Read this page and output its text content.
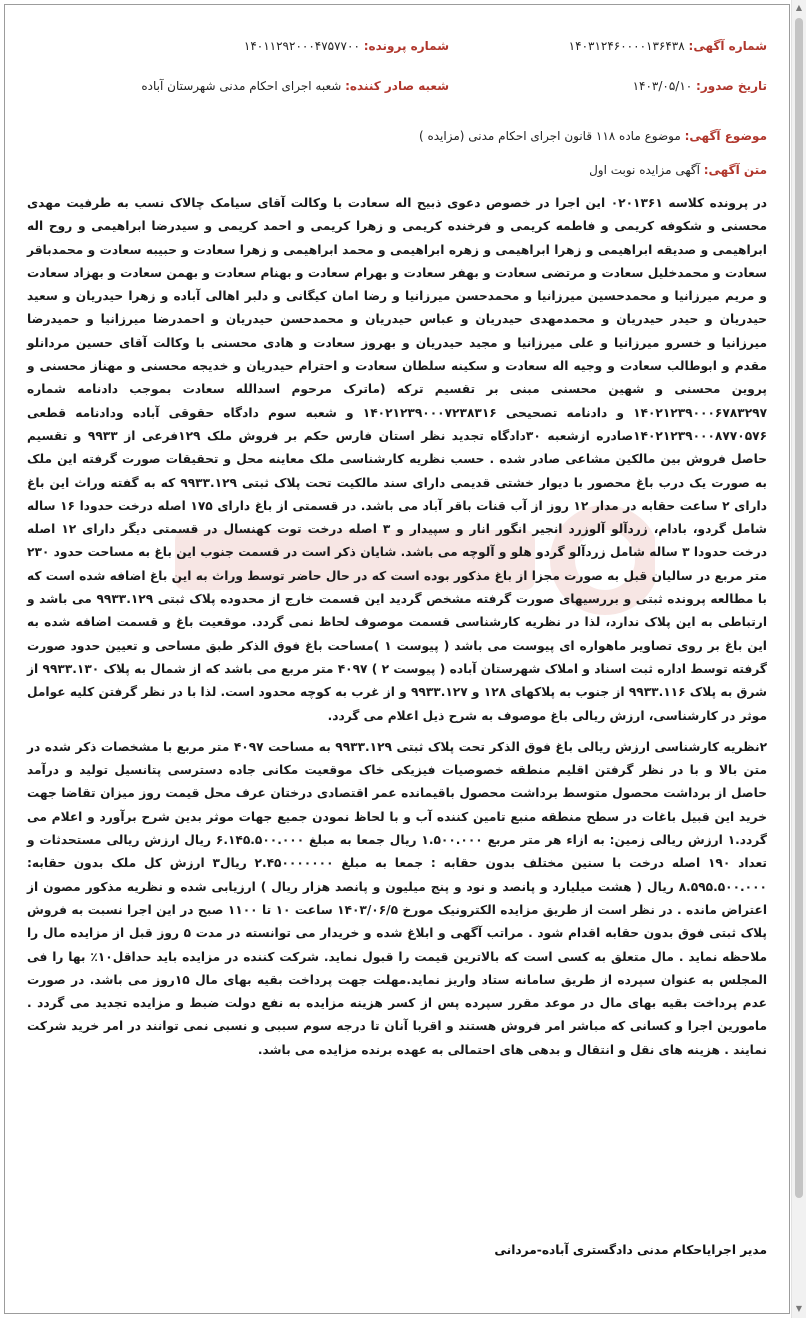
شماره آگهی: ۱۴۰۳۱۲۴۶۰۰۰۰۱۳۶۴۳۸
شماره پرونده: ۱۴۰۱۱۲۹۲۰۰۰۴۷۵۷۷۰۰
تاریخ صدور: ۱۴۰۳/۰۵/۱۰
شعبه صادر کننده: شعبه اجرای احکام مدنی شهرستان آباده
موضوع آگهی: موضوع ماده ۱۱۸ قانون اجرای احکام مدنی (مزایده )
متن آگهی: آگهی مزایده نوبت اول

در پرونده کلاسه ۰۲۰۱۳۶۱ این اجرا در خصوص دعوی ذبیح اله سعادت با وکالت آقای سیامک چالاک نسب به طرفیت مهدی محسنی و شکوفه کریمی و فاطمه کریمی و فرخنده کریمی و زهرا کریمی و احمد کریمی و سیدرضا ابراهیمی و روح اله ابراهیمی و صدیقه ابراهیمی و زهرا ابراهیمی و زهره ابراهیمی و محمد ابراهیمی و زهرا سعادت و حبیبه سعادت و محمدباقر سعادت و محمدخلیل سعادت و مرتضی سعادت و بهفر سعادت و بهرام سعادت و بهنام سعادت و بهمن سعادت و بهزاد سعادت و مریم میرزانیا و محمدحسین میرزانیا و محمدحسن میرزانیا و رضا امان کیگانی و دلبر اهالی آباده و زهرا حیدریان و سعید حیدریان و حیدر حیدریان و محمدمهدی حیدریان و عباس حیدریان و محمدحسن حیدریان و احمدرضا میرزانیا و حمیدرضا میرزانیا و خسرو میرزانیا و علی میرزانیا و مجید حیدریان و بهروز سعادت و هادی محسنی با وکالت آقای حسین مردانلو مقدم و ابوطالب سعادت و وجیه اله سعادت و سکینه سلطان سعادت و احترام حیدریان و خدیجه محسنی و مهناز محسنی و پروین محسنی و شهین محسنی مبنی بر تقسیم ترکه (ماترک مرحوم اسدالله سعادت بموجب دادنامه شماره ۱۴۰۲۱۲۳۹۰۰۰۶۷۸۳۲۹۷ و دادنامه تصحیحی ۱۴۰۲۱۲۳۹۰۰۰۷۲۳۸۳۱۶ و شعبه سوم دادگاه حقوقی آباده ودادنامه قطعی ۱۴۰۲۱۲۳۹۰۰۰۸۷۷۰۵۷۶صادره ازشعبه ۳۰دادگاه تجدید نظر استان فارس حکم بر فروش ملک ۱۲۹فرعی از ۹۹۳۳ و تقسیم حاصل فروش بین مالکین مشاعی صادر شده . حسب نظریه کارشناسی ملک معاینه محل و تحقیقات صورت گرفته این ملک به صورت یک درب باغ محصور با دیوار خشتی قدیمی دارای سند مالکیت تحت پلاک ثبتی ۹۹۳۳.۱۲۹ که به گفته وراث این باغ دارای ۲ ساعت حقابه در مدار ۱۲ روز از آب قنات باقر آباد می باشد. در قسمتی از باغ دارای ۱۷۵ اصله درخت حدودا ۱۶ ساله شامل گردو، بادام، زردآلو آلوزرد انجیر انگور انار و سپیدار و ۳ اصله درخت توت کهنسال در قسمتی دیگر دارای ۱۲ اصله درخت حدودا ۳ ساله شامل زردآلو گردو هلو و آلوچه می باشد. شایان ذکر است در قسمت جنوب این باغ به مساحت حدود ۲۳۰ متر مربع در سالیان قبل به صورت مجزا از باغ مذکور بوده است که در حال حاضر توسط وراث به این باغ اضافه شده است که با مطالعه پرونده ثبتی و بررسیهای صورت گرفته مشخص گردید این قسمت خارج از محدوده پلاک ثبتی ۹۹۳۳.۱۲۹ می باشد و ارتباطی به این پلاک ندارد، لذا در نظریه کارشناسی قسمت موصوف لحاظ نمی گردد. موقعیت باغ و قسمت اضافه شده به این باغ بر روی تصاویر ماهواره ای پیوست می باشد ( پیوست ۱ )مساحت باغ فوق الذکر طبق مساحی و تعیین حدود صورت گرفته توسط اداره ثبت اسناد و املاک شهرستان آباده ( پیوست ۲ ) ۴۰۹۷ متر مربع می باشد که از شمال به پلاک ۹۹۳۳.۱۳۰ از شرق به پلاک ۹۹۳۳.۱۱۶ از جنوب به پلاکهای ۱۲۸ و ۹۹۳۳.۱۲۷ و از غرب به کوچه محدود است. لذا با در نظر گرفتن کلیه عوامل موثر در کارشناسی، ارزش ریالی باغ موصوف به شرح ذیل اعلام می گردد.

۲نظریه کارشناسی ارزش ریالی باغ فوق الذکر تحت پلاک ثبتی ۹۹۳۳.۱۲۹ به مساحت ۴۰۹۷ متر مربع با مشخصات ذکر شده در متن بالا و با در نظر گرفتن اقلیم منطقه خصوصیات فیزیکی خاک موقعیت مکانی جاده دسترسی پتانسیل تولید و درآمد حاصل از برداشت محصول متوسط برداشت محصول باقیمانده عمر اقتصادی درختان عرف محل قیمت روز میزان تقاضا جهت خرید این قبیل باغات در سطح منطقه منبع تامین کننده آب و با لحاظ نمودن جمیع جهات موثر بدین شرح برآورد و اعلام می گردد.۱ ارزش ریالی زمین: به ازاء هر متر مربع ۱.۵۰۰.۰۰۰ ریال جمعا به مبلغ ۶.۱۴۵.۵۰۰.۰۰۰ ریال ارزش ریالی مستحدثات و تعداد ۱۹۰ اصله درخت با سنین مختلف بدون حقابه : جمعا به مبلغ ۲.۴۵۰۰۰۰۰۰۰ ریال۳ ارزش کل ملک بدون حقابه: ۸.۵۹۵.۵۰۰.۰۰۰ ریال ( هشت میلیارد و پانصد و نود و پنج میلیون و پانصد هزار ریال ) ارزیابی شده و نظریه مذکور مصون از اعتراض مانده . در نظر است از طریق مزایده الکترونیک مورخ ۱۴۰۳/۰۶/۵ ساعت ۱۰ تا ۱۱۰۰ صبح در این اجرا نسبت به فروش پلاک ثبتی فوق بدون حقابه اقدام شود . مراتب آگهی و ابلاغ شده و خریدار می توانسته در مدت ۵ روز قبل از مزایده مال را ملاحظه نماید . مال متعلق به کسی است که بالاترین قیمت را قبول نماید. شرکت کننده در مزایده باید حداقل۱۰٪ بها را فی المجلس به عنوان سپرده از طریق سامانه ستاد واریز نماید.مهلت جهت پرداخت بقیه بهای مال ۱۵روز می باشد. در صورت عدم پرداخت بقیه بهای مال در موعد مقرر سپرده پس از کسر هزینه مزایده به نفع دولت ضبط و مزایده تجدید می گردد . مامورین اجرا و کسانی که مباشر امر فروش هستند و اقربا آنان تا درجه سوم سببی و نسبی نمی توانند در امر خرید شرکت نمایند . هزینه های نقل و انتقال و بدهی های احتمالی به عهده برنده مزایده می باشد.

مدیر اجرایاحکام مدنی دادگستری آباده-مردانی
▲
▼
